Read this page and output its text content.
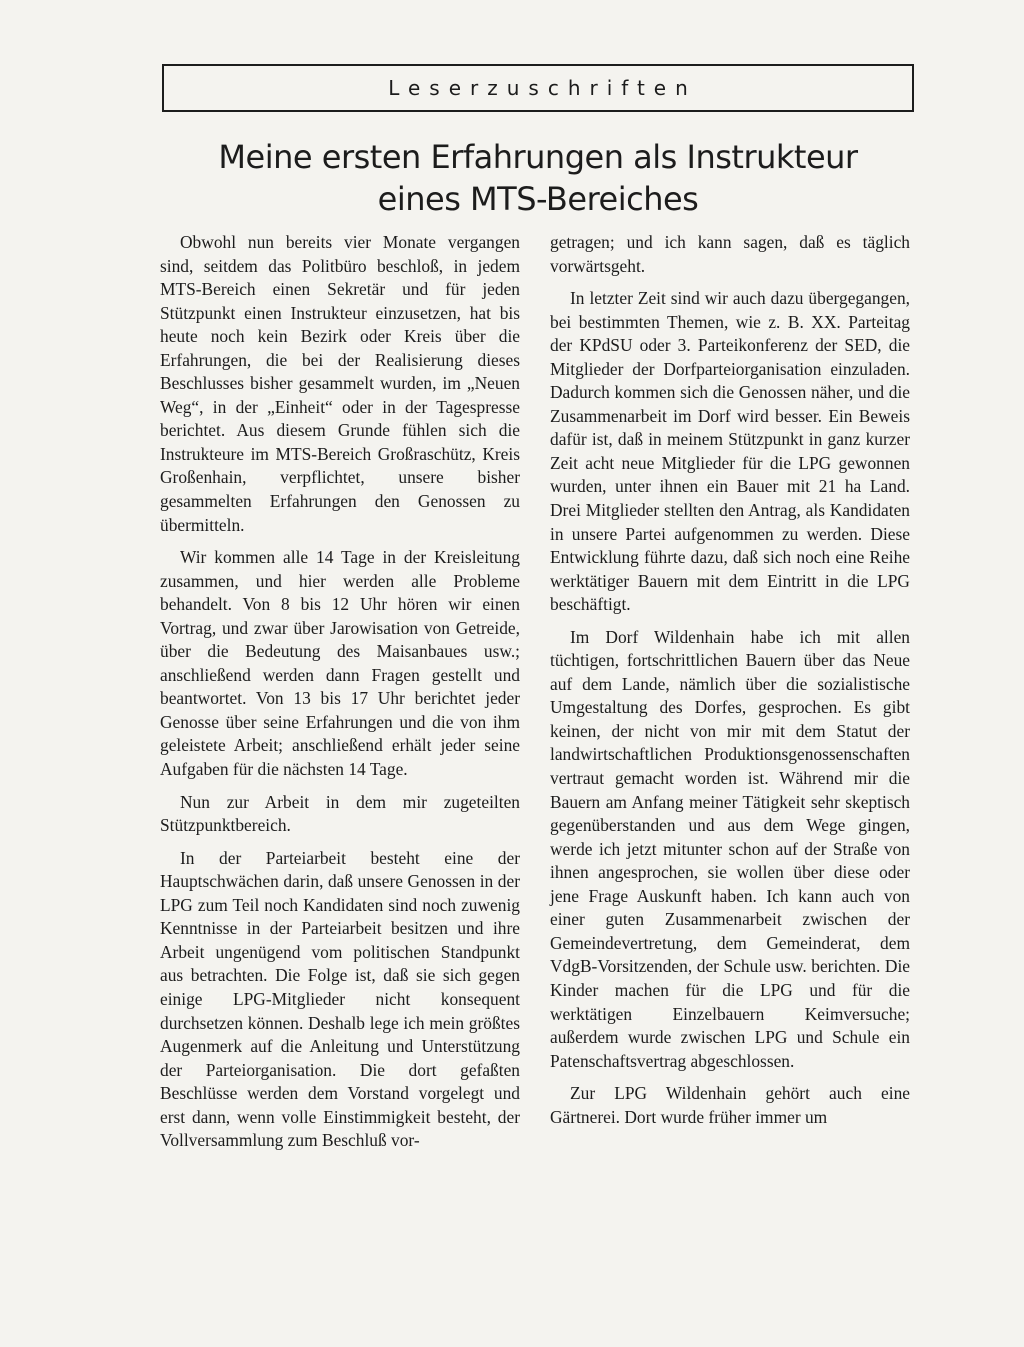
Leserzuschriften
Meine ersten Erfahrungen als Instrukteur
eines MTS-Bereiches

Obwohl nun bereits vier Monate vergangen sind, seitdem das Politbüro beschloß, in jedem MTS-Bereich einen Sekretär und für jeden Stützpunkt einen Instrukteur einzusetzen, hat bis heute noch kein Bezirk oder Kreis über die Erfahrungen, die bei der Realisierung dieses Beschlusses bisher gesammelt wurden, im „Neuen Weg“, in der „Einheit“ oder in der Tagespresse berichtet. Aus diesem Grunde fühlen sich die Instrukteure im MTS-Bereich Großraschütz, Kreis Großenhain, verpflichtet, unsere bisher gesammelten Erfahrungen den Genossen zu übermitteln.

Wir kommen alle 14 Tage in der Kreisleitung zusammen, und hier werden alle Probleme behandelt. Von 8 bis 12 Uhr hören wir einen Vortrag, und zwar über Jarowisation von Getreide, über die Bedeutung des Maisanbaues usw.; anschließend werden dann Fragen gestellt und beantwortet. Von 13 bis 17 Uhr berichtet jeder Genosse über seine Erfahrungen und die von ihm geleistete Arbeit; anschließend erhält jeder seine Aufgaben für die nächsten 14 Tage.

Nun zur Arbeit in dem mir zugeteilten Stützpunktbereich.

In der Parteiarbeit besteht eine der Hauptschwächen darin, daß unsere Genossen in der LPG zum Teil noch Kandidaten sind noch zuwenig Kenntnisse in der Parteiarbeit besitzen und ihre Arbeit ungenügend vom politischen Standpunkt aus betrachten. Die Folge ist, daß sie sich gegen einige LPG-Mitglieder nicht konsequent durchsetzen können. Deshalb lege ich mein größtes Augenmerk auf die Anleitung und Unterstützung der Parteiorganisation. Die dort gefaßten Beschlüsse werden dem Vorstand vorgelegt und erst dann, wenn volle Einstimmigkeit besteht, der Vollversammlung zum Beschluß vor-

getragen; und ich kann sagen, daß es täglich vorwärtsgeht.

In letzter Zeit sind wir auch dazu übergegangen, bei bestimmten Themen, wie z. B. XX. Parteitag der KPdSU oder 3. Parteikonferenz der SED, die Mitglieder der Dorfparteiorganisation einzuladen. Dadurch kommen sich die Genossen näher, und die Zusammenarbeit im Dorf wird besser. Ein Beweis dafür ist, daß in meinem Stützpunkt in ganz kurzer Zeit acht neue Mitglieder für die LPG gewonnen wurden, unter ihnen ein Bauer mit 21 ha Land. Drei Mitglieder stellten den Antrag, als Kandidaten in unsere Partei aufgenommen zu werden. Diese Entwicklung führte dazu, daß sich noch eine Reihe werktätiger Bauern mit dem Eintritt in die LPG beschäftigt.

Im Dorf Wildenhain habe ich mit allen tüchtigen, fortschrittlichen Bauern über das Neue auf dem Lande, nämlich über die sozialistische Umgestaltung des Dorfes, gesprochen. Es gibt keinen, der nicht von mir mit dem Statut der landwirtschaftlichen Produktionsgenossenschaften vertraut gemacht worden ist. Während mir die Bauern am Anfang meiner Tätigkeit sehr skeptisch gegenüberstanden und aus dem Wege gingen, werde ich jetzt mitunter schon auf der Straße von ihnen angesprochen, sie wollen über diese oder jene Frage Auskunft haben. Ich kann auch von einer guten Zusammenarbeit zwischen der Gemeindevertretung, dem Gemeinderat, dem VdgB-Vorsitzenden, der Schule usw. berichten. Die Kinder machen für die LPG und für die werktätigen Einzelbauern Keimversuche; außerdem wurde zwischen LPG und Schule ein Patenschaftsvertrag abgeschlossen.

Zur LPG Wildenhain gehört auch eine Gärtnerei. Dort wurde früher immer um
